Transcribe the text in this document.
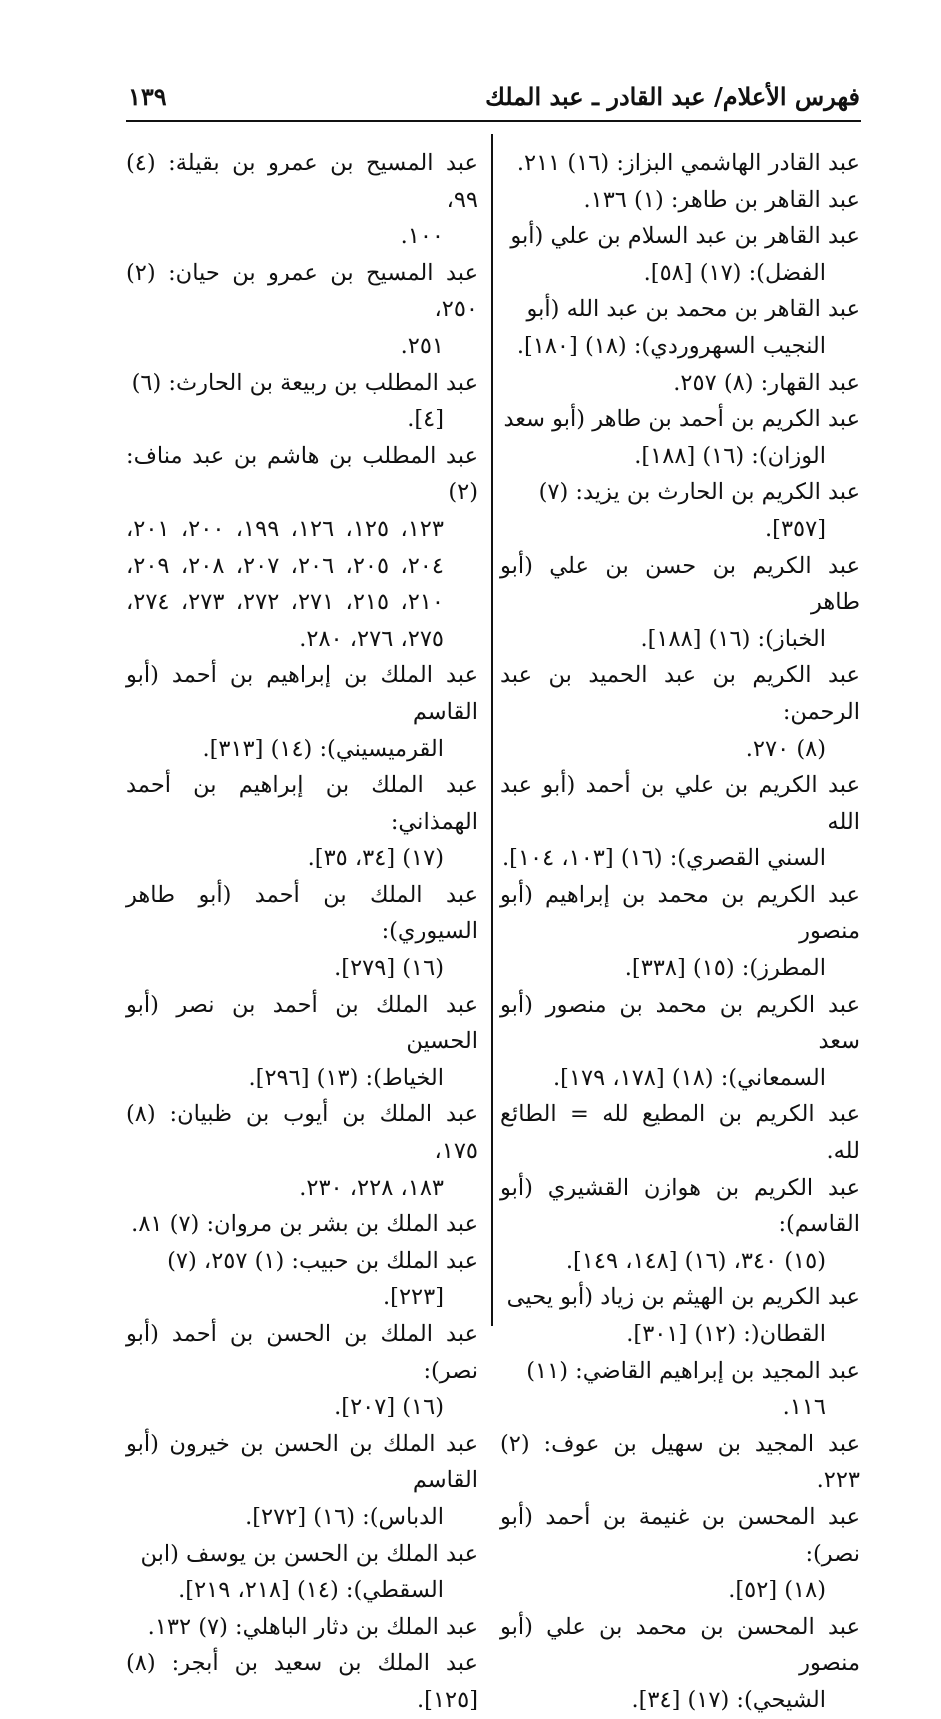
فهرس الأعلام/ عبد القادر ـ عبد الملك
١٣٩

عبد القادر الهاشمي البزاز: (١٦) ٢١١.

عبد القاهر بن طاهر: (١) ١٣٦.

عبد القاهر بن عبد السلام بن علي (أبو
الفضل): (١٧) [٥٨].

عبد القاهر بن محمد بن عبد الله (أبو
النجيب السهروردي): (١٨) [١٨٠].

عبد القهار: (٨) ٢٥٧.

عبد الكريم بن أحمد بن طاهر (أبو سعد
الوزان): (١٦) [١٨٨].

عبد الكريم بن الحارث بن يزيد: (٧)
[٣٥٧].

عبد الكريم بن حسن بن علي (أبو طاهر
الخباز): (١٦) [١٨٨].

عبد الكريم بن عبد الحميد بن عبد الرحمن:
(٨) ٢٧٠.

عبد الكريم بن علي بن أحمد (أبو عبد الله
السني القصري): (١٦) [١٠٣، ١٠٤].

عبد الكريم بن محمد بن إبراهيم (أبو منصور
المطرز): (١٥) [٣٣٨].

عبد الكريم بن محمد بن منصور (أبو سعد
السمعاني): (١٨) [١٧٨، ١٧٩].

عبد الكريم بن المطيع لله = الطائع لله.

عبد الكريم بن هوازن القشيري (أبو القاسم):
(١٥) ٣٤٠، (١٦) [١٤٨، ١٤٩].

عبد الكريم بن الهيثم بن زياد (أبو يحيى
القطان(: (١٢) [٣٠١].

عبد المجيد بن إبراهيم القاضي: (١١)
١١٦.

عبد المجيد بن سهيل بن عوف: (٢) ٢٢٣.

عبد المحسن بن غنيمة بن أحمد (أبو نصر):
(١٨) [٥٢].

عبد المحسن بن محمد بن علي (أبو منصور
الشيحي): (١٧) [٣٤].

عبد المسيح بن عمرو بن بقيلة: (٤) ٩٩،
١٠٠.

عبد المسيح بن عمرو بن حيان: (٢) ٢٥٠،
٢٥١.

عبد المطلب بن ربيعة بن الحارث: (٦)
[٤].

عبد المطلب بن هاشم بن عبد مناف: (٢)
١٢٣، ١٢٥، ١٢٦، ١٩٩، ٢٠٠، ٢٠١، ٢٠٤، ٢٠٥، ٢٠٦، ٢٠٧، ٢٠٨، ٢٠٩، ٢١٠، ٢١٥، ٢٧١، ٢٧٢، ٢٧٣، ٢٧٤، ٢٧٥، ٢٧٦، ٢٨٠.

عبد الملك بن إبراهيم بن أحمد (أبو القاسم
القرميسيني): (١٤) [٣١٣].

عبد الملك بن إبراهيم بن أحمد الهمذاني:
(١٧) [٣٤، ٣٥].

عبد الملك بن أحمد (أبو طاهر السيوري):
(١٦) [٢٧٩].

عبد الملك بن أحمد بن نصر (أبو الحسين
الخياط): (١٣) [٢٩٦].

عبد الملك بن أيوب بن ظبيان: (٨) ١٧٥،
١٨٣، ٢٢٨، ٢٣٠.

عبد الملك بن بشر بن مروان: (٧) ٨١.

عبد الملك بن حبيب: (١) ٢٥٧، (٧)
[٢٢٣].

عبد الملك بن الحسن بن أحمد (أبو نصر):
(١٦) [٢٠٧].

عبد الملك بن الحسن بن خيرون (أبو القاسم
الدباس): (١٦) [٢٧٢].

عبد الملك بن الحسن بن يوسف (ابن
السقطي): (١٤) [٢١٨، ٢١٩].

عبد الملك بن دثار الباهلي: (٧) ١٣٢.

عبد الملك بن سعيد بن أبجر: (٨) [١٢٥].
